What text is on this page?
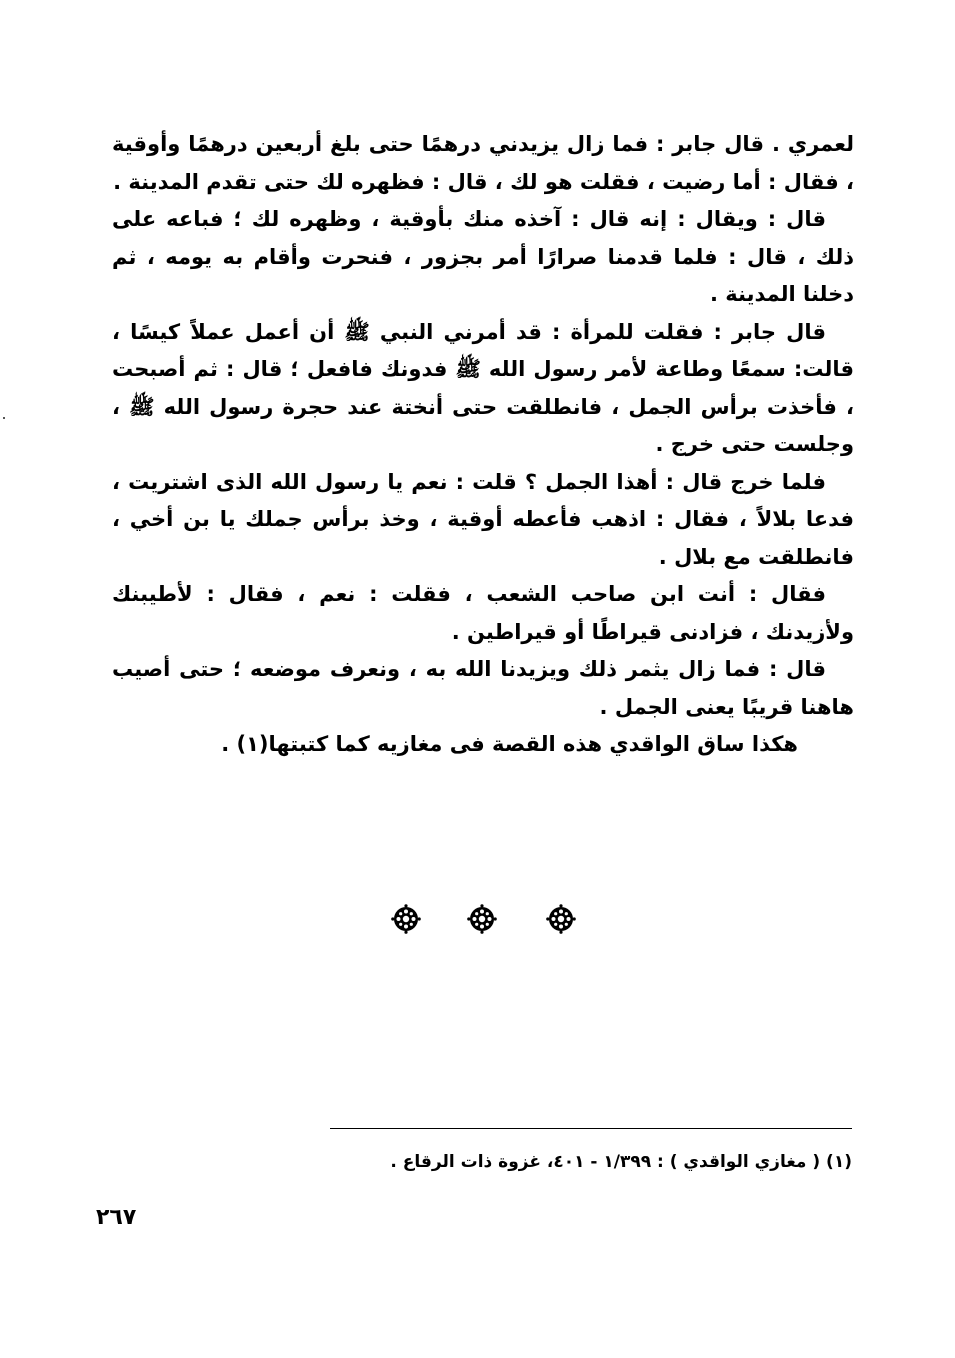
لعمري . قال جابر : فما زال يزيدني درهمًا حتى بلغ أربعين درهمًا وأوقية ، فقال : أما رضيت ، فقلت هو لك ، قال : فظهره لك حتى تقدم المدينة .

قال : ويقال : إنه قال : آخذه منك بأوقية ، وظهره لك ؛ فباعه على ذلك ، قال : فلما قدمنا صرارًا أمر بجزور ، فنحرت وأقام به يومه ، ثم دخلنا المدينة .

قال جابر : فقلت للمرأة : قد أمرني النبي ﷺ أن أعمل عملاً كيسًا ، قالت: سمعًا وطاعة لأمر رسول الله ﷺ فدونك فافعل ؛ قال : ثم أصبحت ، فأخذت برأس الجمل ، فانطلقت حتى أنختة عند حجرة رسول الله ﷺ ، وجلست حتى خرج .

فلما خرج قال : أهذا الجمل ؟ قلت : نعم يا رسول الله الذى اشتريت ، فدعا بلالاً ، فقال : اذهب فأعطه أوقية ، وخذ برأس جملك يا بن أخي ، فانطلقت مع بلال .

فقال : أنت ابن صاحب الشعب ، فقلت : نعم ، فقال : لأطيبنك ولأزيدنك ، فزادنى قيراطًا أو قيراطين .

قال : فما زال يثمر ذلك ويزيدنا الله به ، ونعرف موضعه ؛ حتى أصيب هاهنا قريبًا يعنى الجمل .

هكذا ساق الواقدي هذه القصة فى مغازيه كما كتبتها(١) .

(١) ( مغازي الواقدي ) : ١/٣٩٩ - ٤٠١، غزوة ذات الرقاع .
٢٦٧
